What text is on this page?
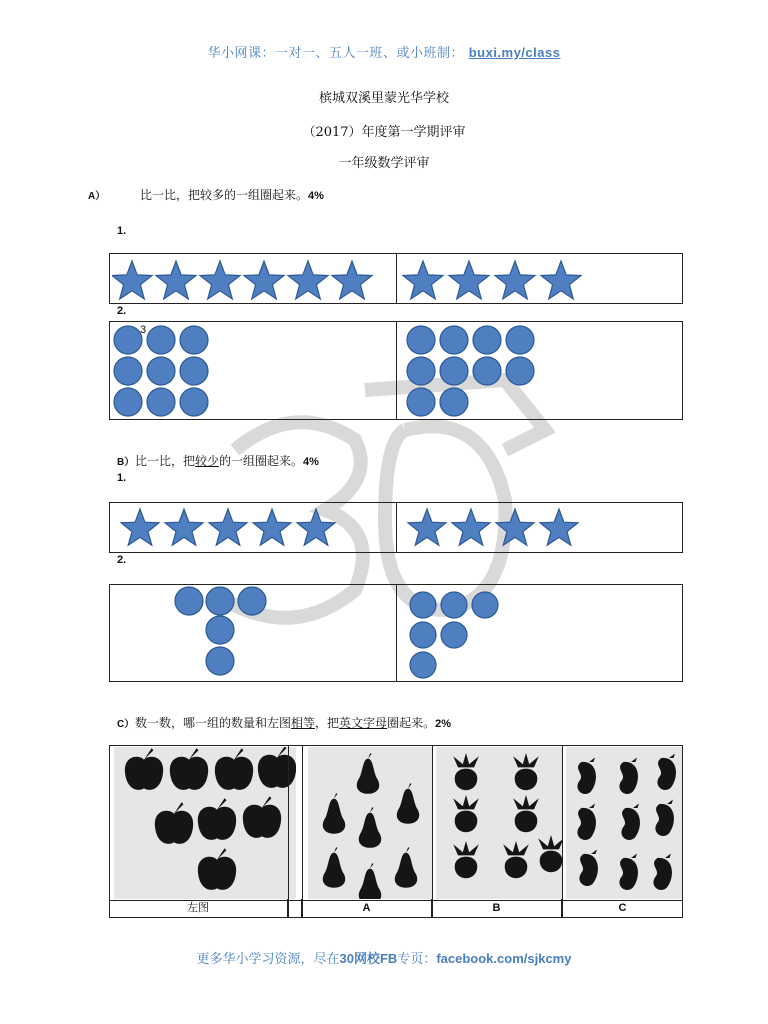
华小网课：一对一、五人一班、或小班制： buxi.my/class
槟城双溪里蒙光华学校
（2017）年度第一学期评审
一年级数学评审
A）	比一比，把较多的一组圈起来。4%
1.
2.
3
B）比一比，把较少的一组圈起来。4%
1.
2.
C）数一数，哪一组的数量和左图相等，把英文字母圈起来。2%
左图	A	B	C
更多华小学习资源，尽在30网校FB专页：facebook.com/sjkcmy
